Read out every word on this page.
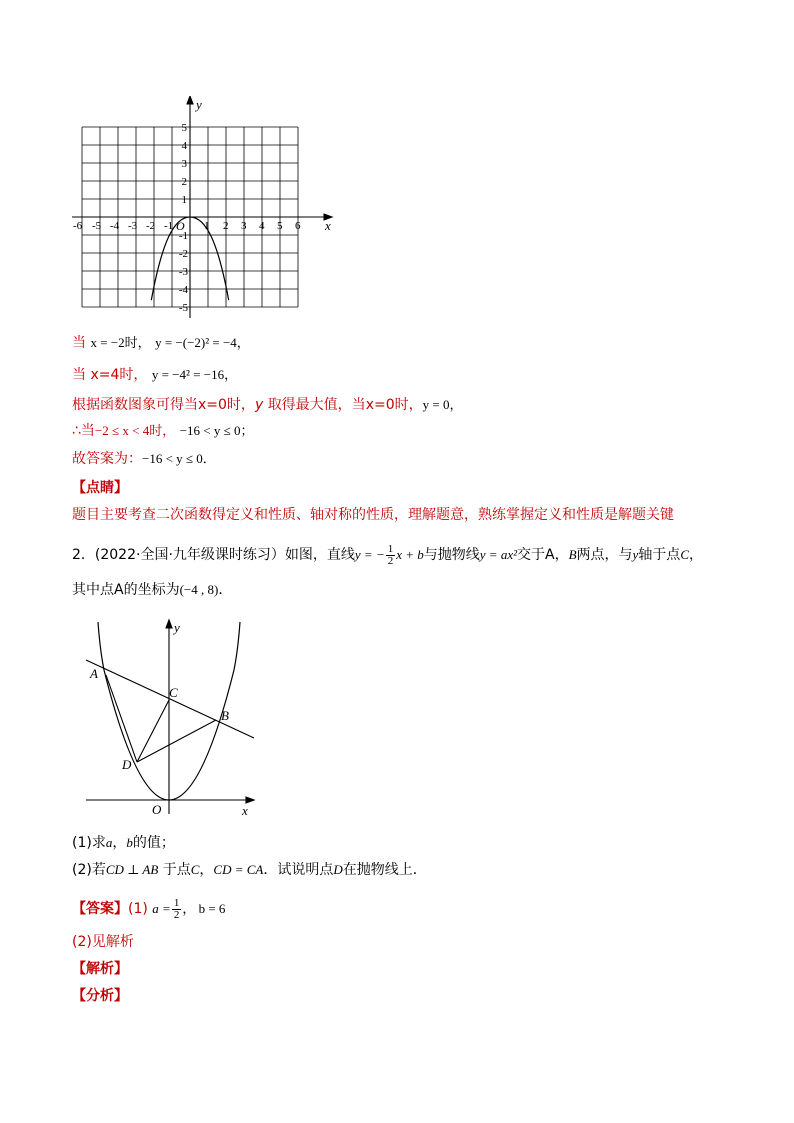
y
x
O
-6 -5 -4 -3 -2 -1	1 2 3 4 5 6
5
4
3
2
1
-1
-2
-3
-4
-5
当 x = −2时， y = −(−2)² = −4，
当 x=4时， y = −4² = −16，
根据函数图象可得当x=0时，y 取得最大值，当x=0时，y = 0，
∴当−2 ≤ x < 4时， −16 < y ≤ 0；
故答案为：−16 < y ≤ 0．
【点睛】
题目主要考查二次函数得定义和性质、轴对称的性质，理解题意，熟练掌握定义和性质是解题关键
2．(2022·全国·九年级课时练习）如图，直线y = − $\frac{1}{2}$ x + b与抛物线y = ax²交于A，B两点，与y轴于点C，
其中点A的坐标为(−4 , 8)．
y
x
O
A
B
C
D
(1)求a，b的值；
(2)若CD ⊥ AB 于点C，CD = CA．试说明点D在抛物线上．
【答案】(1) $a = \frac{1}{2}$ ， b = 6
(2)见解析
【解析】
【分析】
